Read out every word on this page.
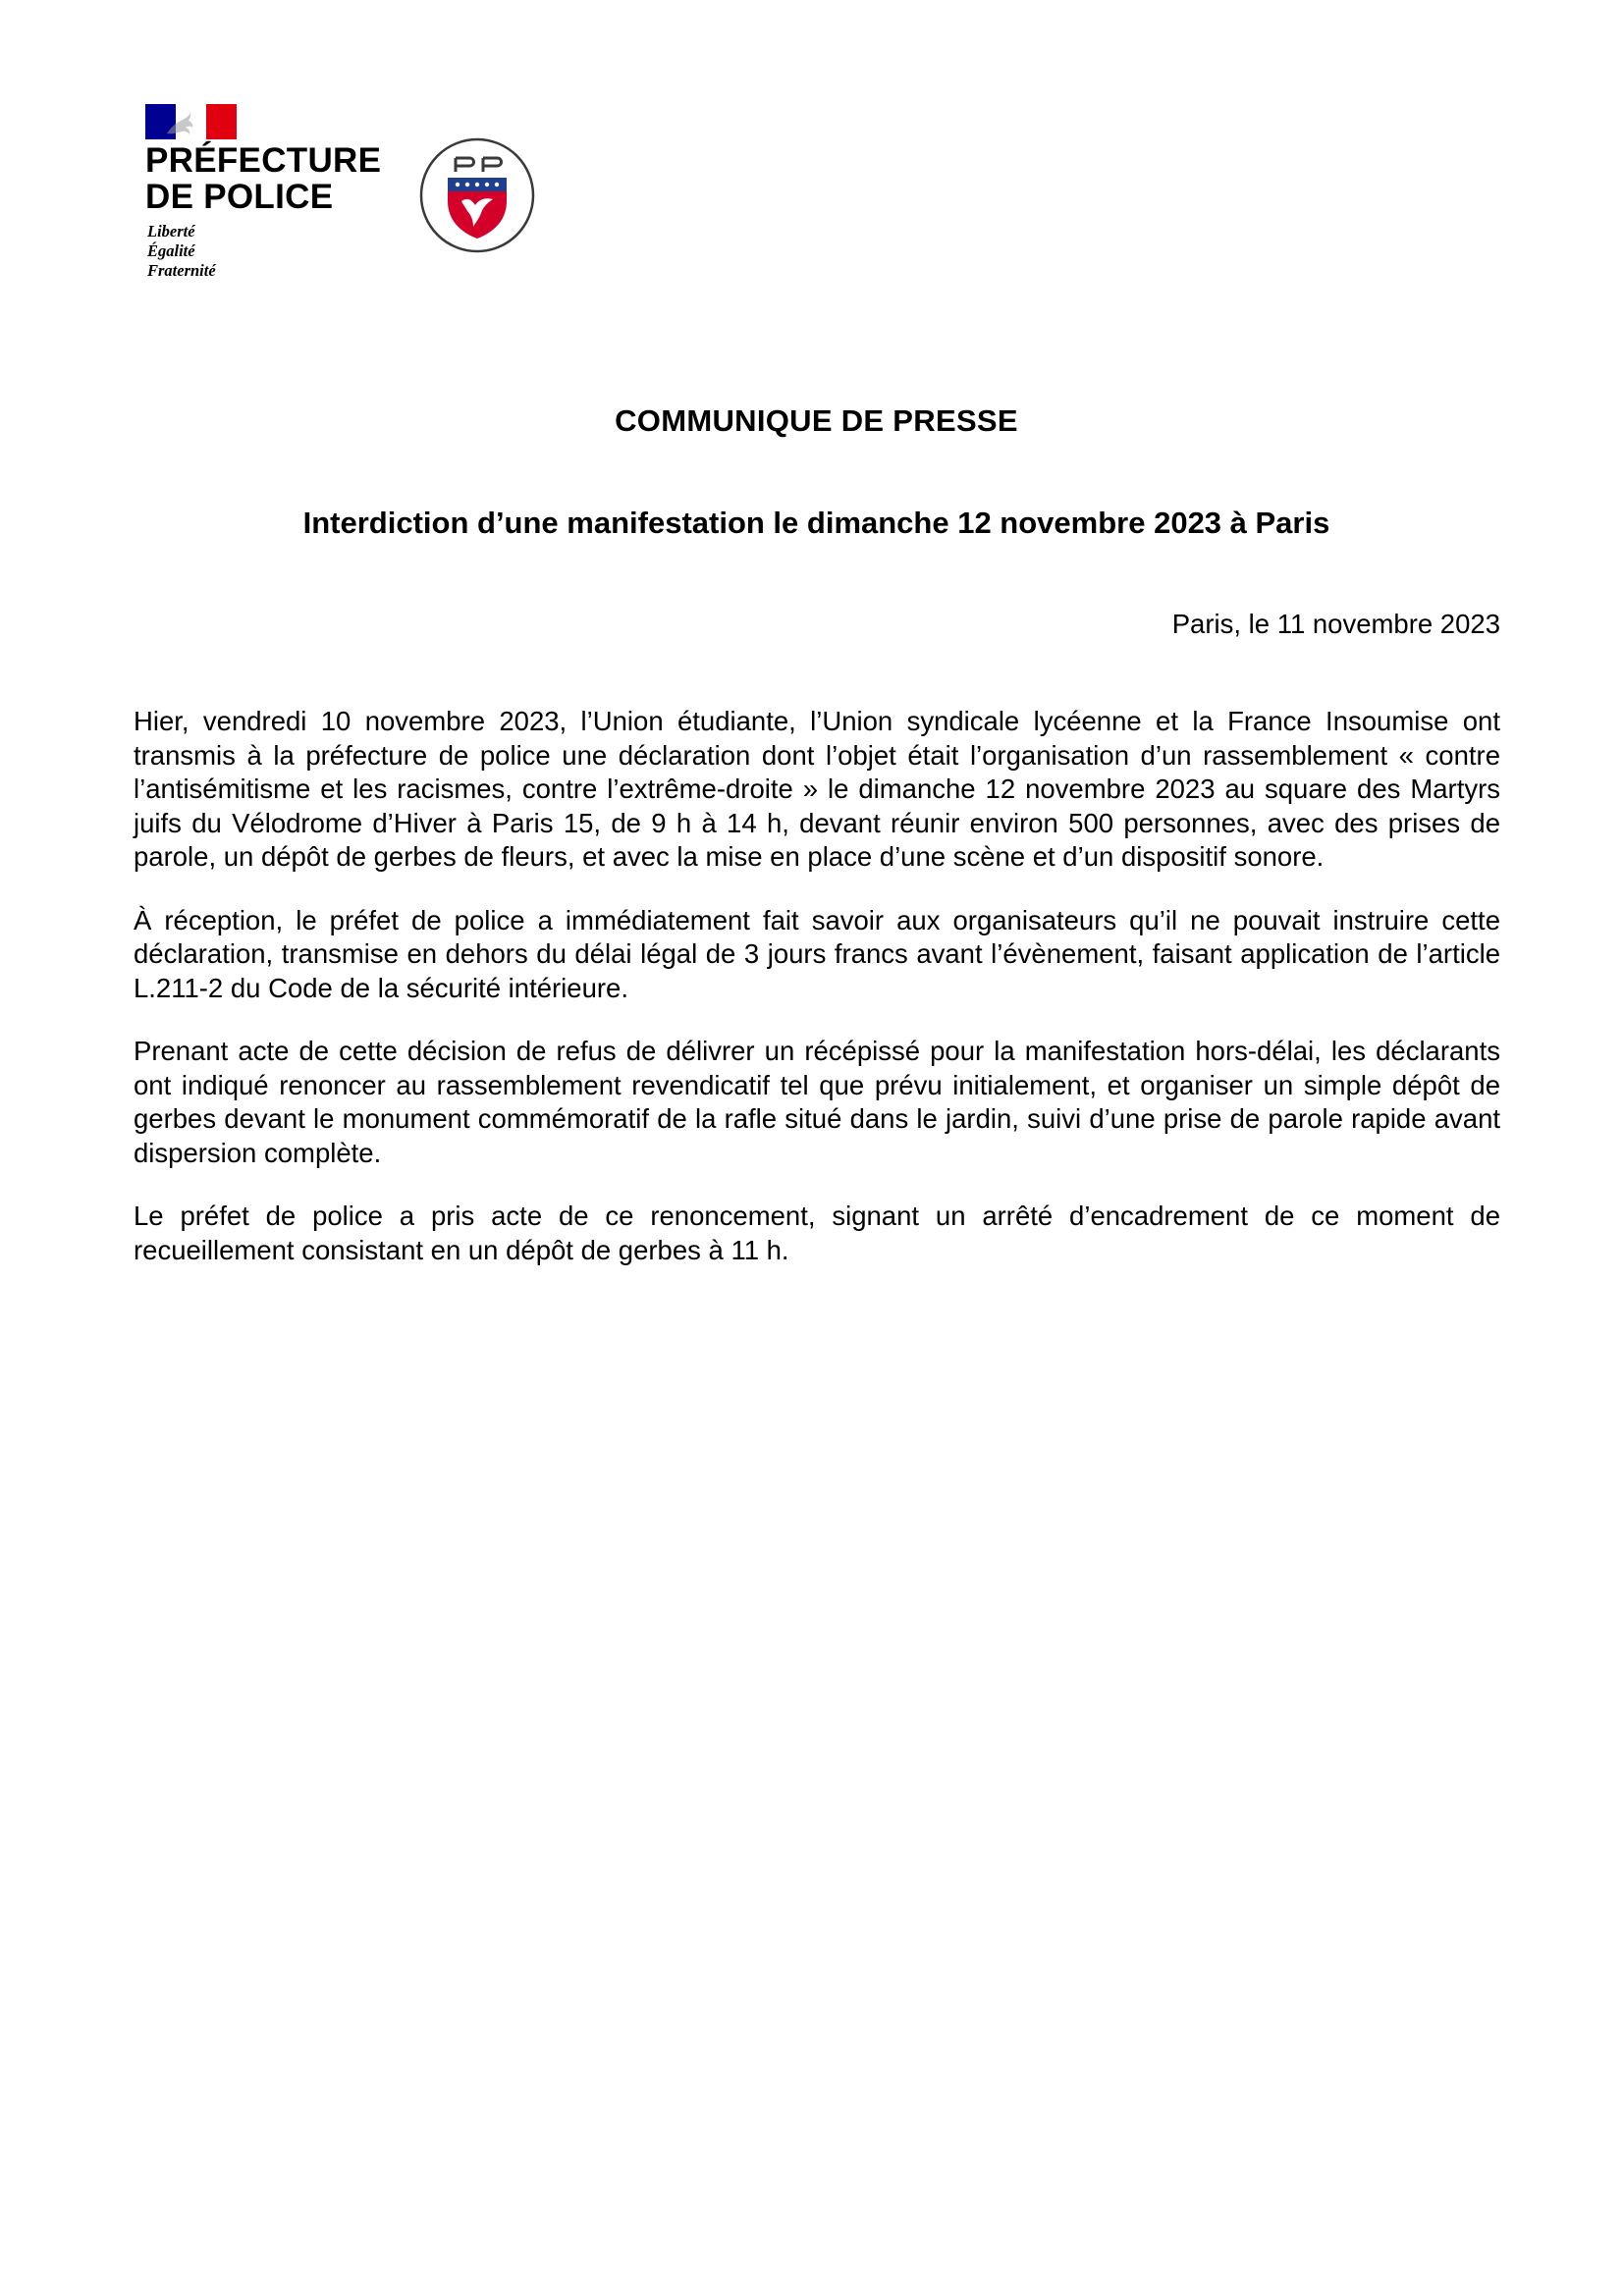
PRÉFECTURE
DE POLICE
Liberté
Égalité
Fraternité
COMMUNIQUE DE PRESSE
Interdiction d’une manifestation le dimanche 12 novembre 2023 à Paris
Paris, le 11 novembre 2023

Hier, vendredi 10 novembre 2023, l’Union étudiante, l’Union syndicale lycéenne et la France Insoumise ont transmis à la préfecture de police une déclaration dont l’objet était l’organisation d’un rassemblement « contre l’antisémitisme et les racismes, contre l’extrême-droite » le dimanche 12 novembre 2023 au square des Martyrs juifs du Vélodrome d’Hiver à Paris 15, de 9 h à 14 h, devant réunir environ 500 personnes, avec des prises de parole, un dépôt de gerbes de fleurs, et avec la mise en place d’une scène et d’un dispositif sonore.

À réception, le préfet de police a immédiatement fait savoir aux organisateurs qu’il ne pouvait instruire cette déclaration, transmise en dehors du délai légal de 3 jours francs avant l’évènement, faisant application de l’article L.211-2 du Code de la sécurité intérieure.

Prenant acte de cette décision de refus de délivrer un récépissé pour la manifestation hors-délai, les déclarants ont indiqué renoncer au rassemblement revendicatif tel que prévu initialement, et organiser un simple dépôt de gerbes devant le monument commémoratif de la rafle situé dans le jardin, suivi d’une prise de parole rapide avant dispersion complète.

Le préfet de police a pris acte de ce renoncement, signant un arrêté d’encadrement de ce moment de recueillement consistant en un dépôt de gerbes à 11 h.
